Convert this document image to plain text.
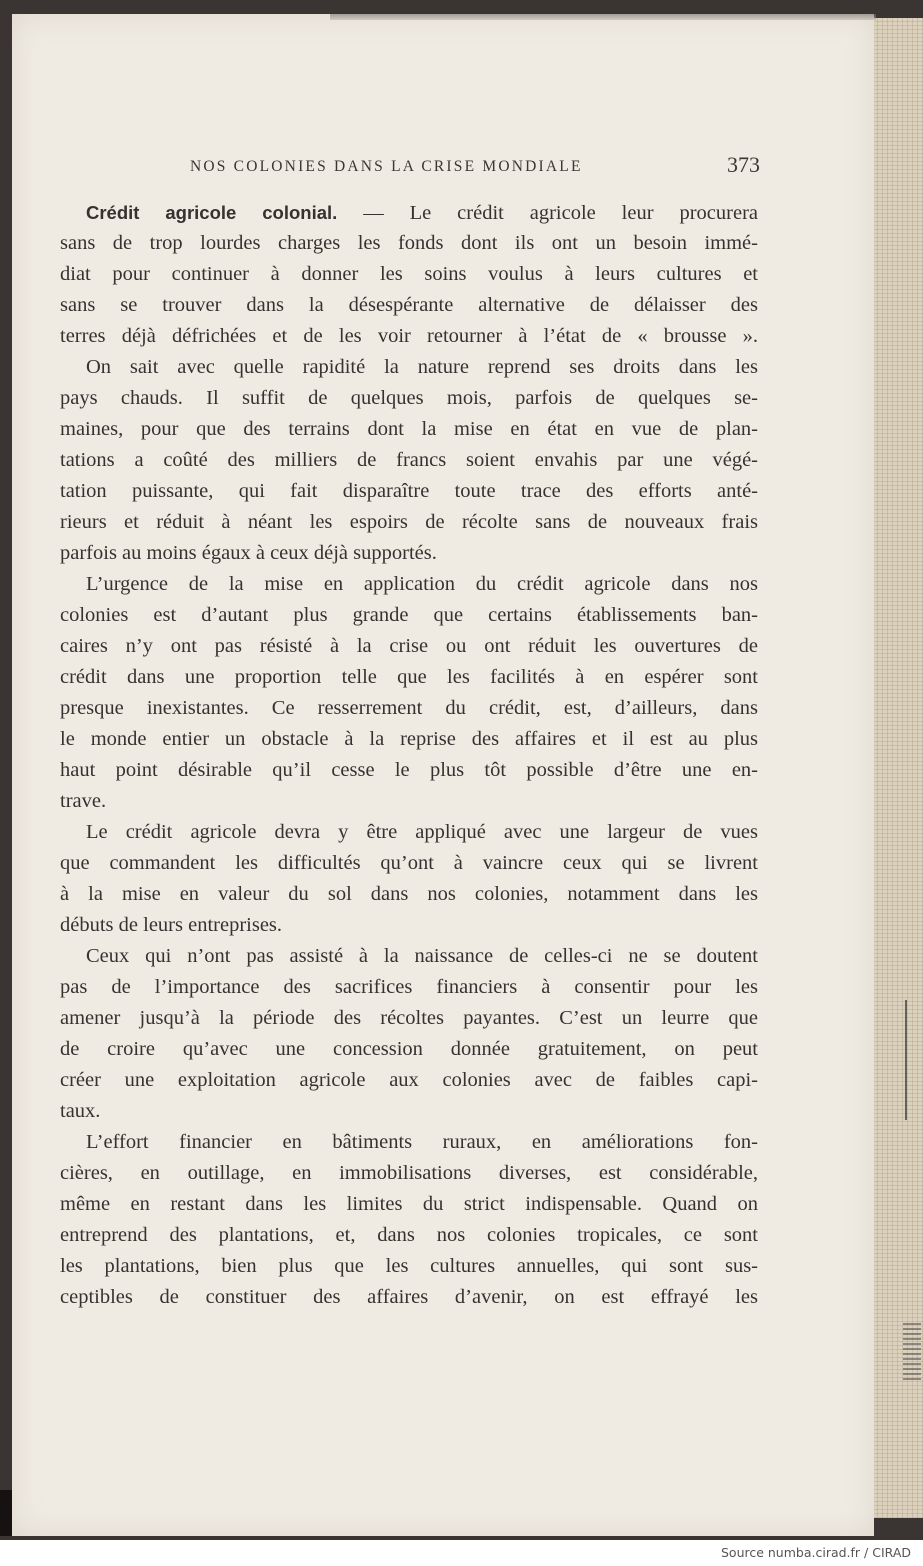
NOS COLONIES DANS LA CRISE MONDIALE	373
Crédit agricole colonial. — Le crédit agricole leur procurera
sans de trop lourdes charges les fonds dont ils ont un besoin immé-
diat pour continuer à donner les soins voulus à leurs cultures et
sans se trouver dans la désespérante alternative de délaisser des
terres déjà défrichées et de les voir retourner à l’état de « brousse ».
On sait avec quelle rapidité la nature reprend ses droits dans les
pays chauds. Il suffit de quelques mois, parfois de quelques se-
maines, pour que des terrains dont la mise en état en vue de plan-
tations a coûté des milliers de francs soient envahis par une végé-
tation puissante, qui fait disparaître toute trace des efforts anté-
rieurs et réduit à néant les espoirs de récolte sans de nouveaux frais
parfois au moins égaux à ceux déjà supportés.
L’urgence de la mise en application du crédit agricole dans nos
colonies est d’autant plus grande que certains établissements ban-
caires n’y ont pas résisté à la crise ou ont réduit les ouvertures de
crédit dans une proportion telle que les facilités à en espérer sont
presque inexistantes. Ce resserrement du crédit, est, d’ailleurs, dans
le monde entier un obstacle à la reprise des affaires et il est au plus
haut point désirable qu’il cesse le plus tôt possible d’être une en-
trave.
Le crédit agricole devra y être appliqué avec une largeur de vues
que commandent les difficultés qu’ont à vaincre ceux qui se livrent
à la mise en valeur du sol dans nos colonies, notamment dans les
débuts de leurs entreprises.
Ceux qui n’ont pas assisté à la naissance de celles-ci ne se doutent
pas de l’importance des sacrifices financiers à consentir pour les
amener jusqu’à la période des récoltes payantes. C’est un leurre que
de croire qu’avec une concession donnée gratuitement, on peut
créer une exploitation agricole aux colonies avec de faibles capi-
taux.
L’effort financier en bâtiments ruraux, en améliorations fon-
cières, en outillage, en immobilisations diverses, est considérable,
même en restant dans les limites du strict indispensable. Quand on
entreprend des plantations, et, dans nos colonies tropicales, ce sont
les plantations, bien plus que les cultures annuelles, qui sont sus-
ceptibles de constituer des affaires d’avenir, on est effrayé les
Source numba.cirad.fr / CIRAD
